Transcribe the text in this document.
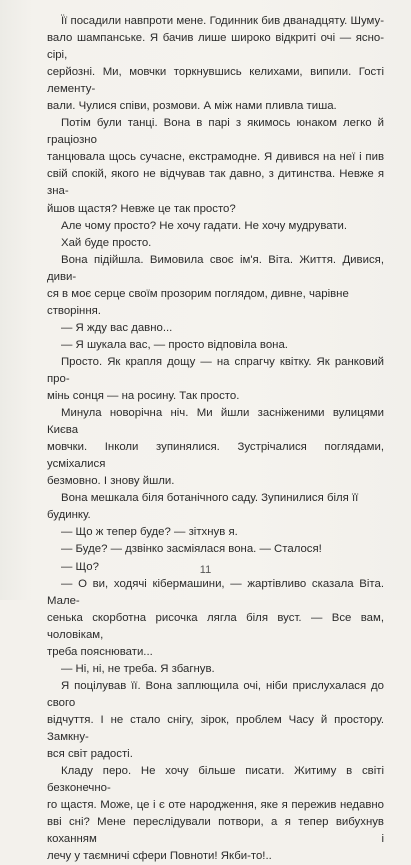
Її посадили навпроти мене. Годинник бив дванадцяту. Шуму-
вало шампанське. Я бачив лише широко відкриті очі — ясно-сірі,
серйозні. Ми, мовчки торкнувшись келихами, випили. Гості лементу-
вали. Чулися співи, розмови. А між нами пливла тиша.

Потім були танці. Вона в парі з якимось юнаком легко й граціозно
танцювала щось сучасне, екстрамодне. Я дивився на неї і пив
свій спокій, якого не відчував так давно, з дитинства. Невже я зна-
йшов щастя? Невже це так просто?

Але чому просто? Не хочу гадати. Не хочу мудрувати.

Хай буде просто.

Вона підійшла. Вимовила своє ім'я. Віта. Життя. Дивися, диви-
ся в моє серце своїм прозорим поглядом, дивне, чарівне створіння.

— Я жду вас давно...

— Я шукала вас, — просто відповіла вона.

Просто. Як крапля дощу — на спрагчу квітку. Як ранковий про-
мінь сонця — на росину. Так просто.

Минула новорічна ніч. Ми йшли засніженими вулицями Києва
мовчки. Інколи зупинялися. Зустрічалися поглядами, усміхалися
безмовно. І знову йшли.

Вона мешкала біля ботанічного саду. Зупинилися біля її будинку.

— Що ж тепер буде? — зітхнув я.

— Буде? — дзвінко засміялася вона. — Сталося!

— Що?

— О ви, ходячі кібермашини, — жартівливо сказала Віта. Мале-
сенька скорботна рисочка лягла біля вуст. — Все вам, чоловікам,
треба пояснювати...

— Ні, ні, не треба. Я збагнув.

Я поцілував її. Вона заплющила очі, ніби прислухалася до свого
відчуття. І не стало снігу, зірок, проблем Часу й простору. Замкну-
вся світ радості.

Кладу перо. Не хочу більше писати. Житиму в світі безконечно-
го щастя. Може, це і є оте народження, яке я пережив недавно
вві сні? Мене переслідували потвори, а я тепер вибухнув коханням і
лечу у таємничі сфери Повноти! Якби-то!..

11
